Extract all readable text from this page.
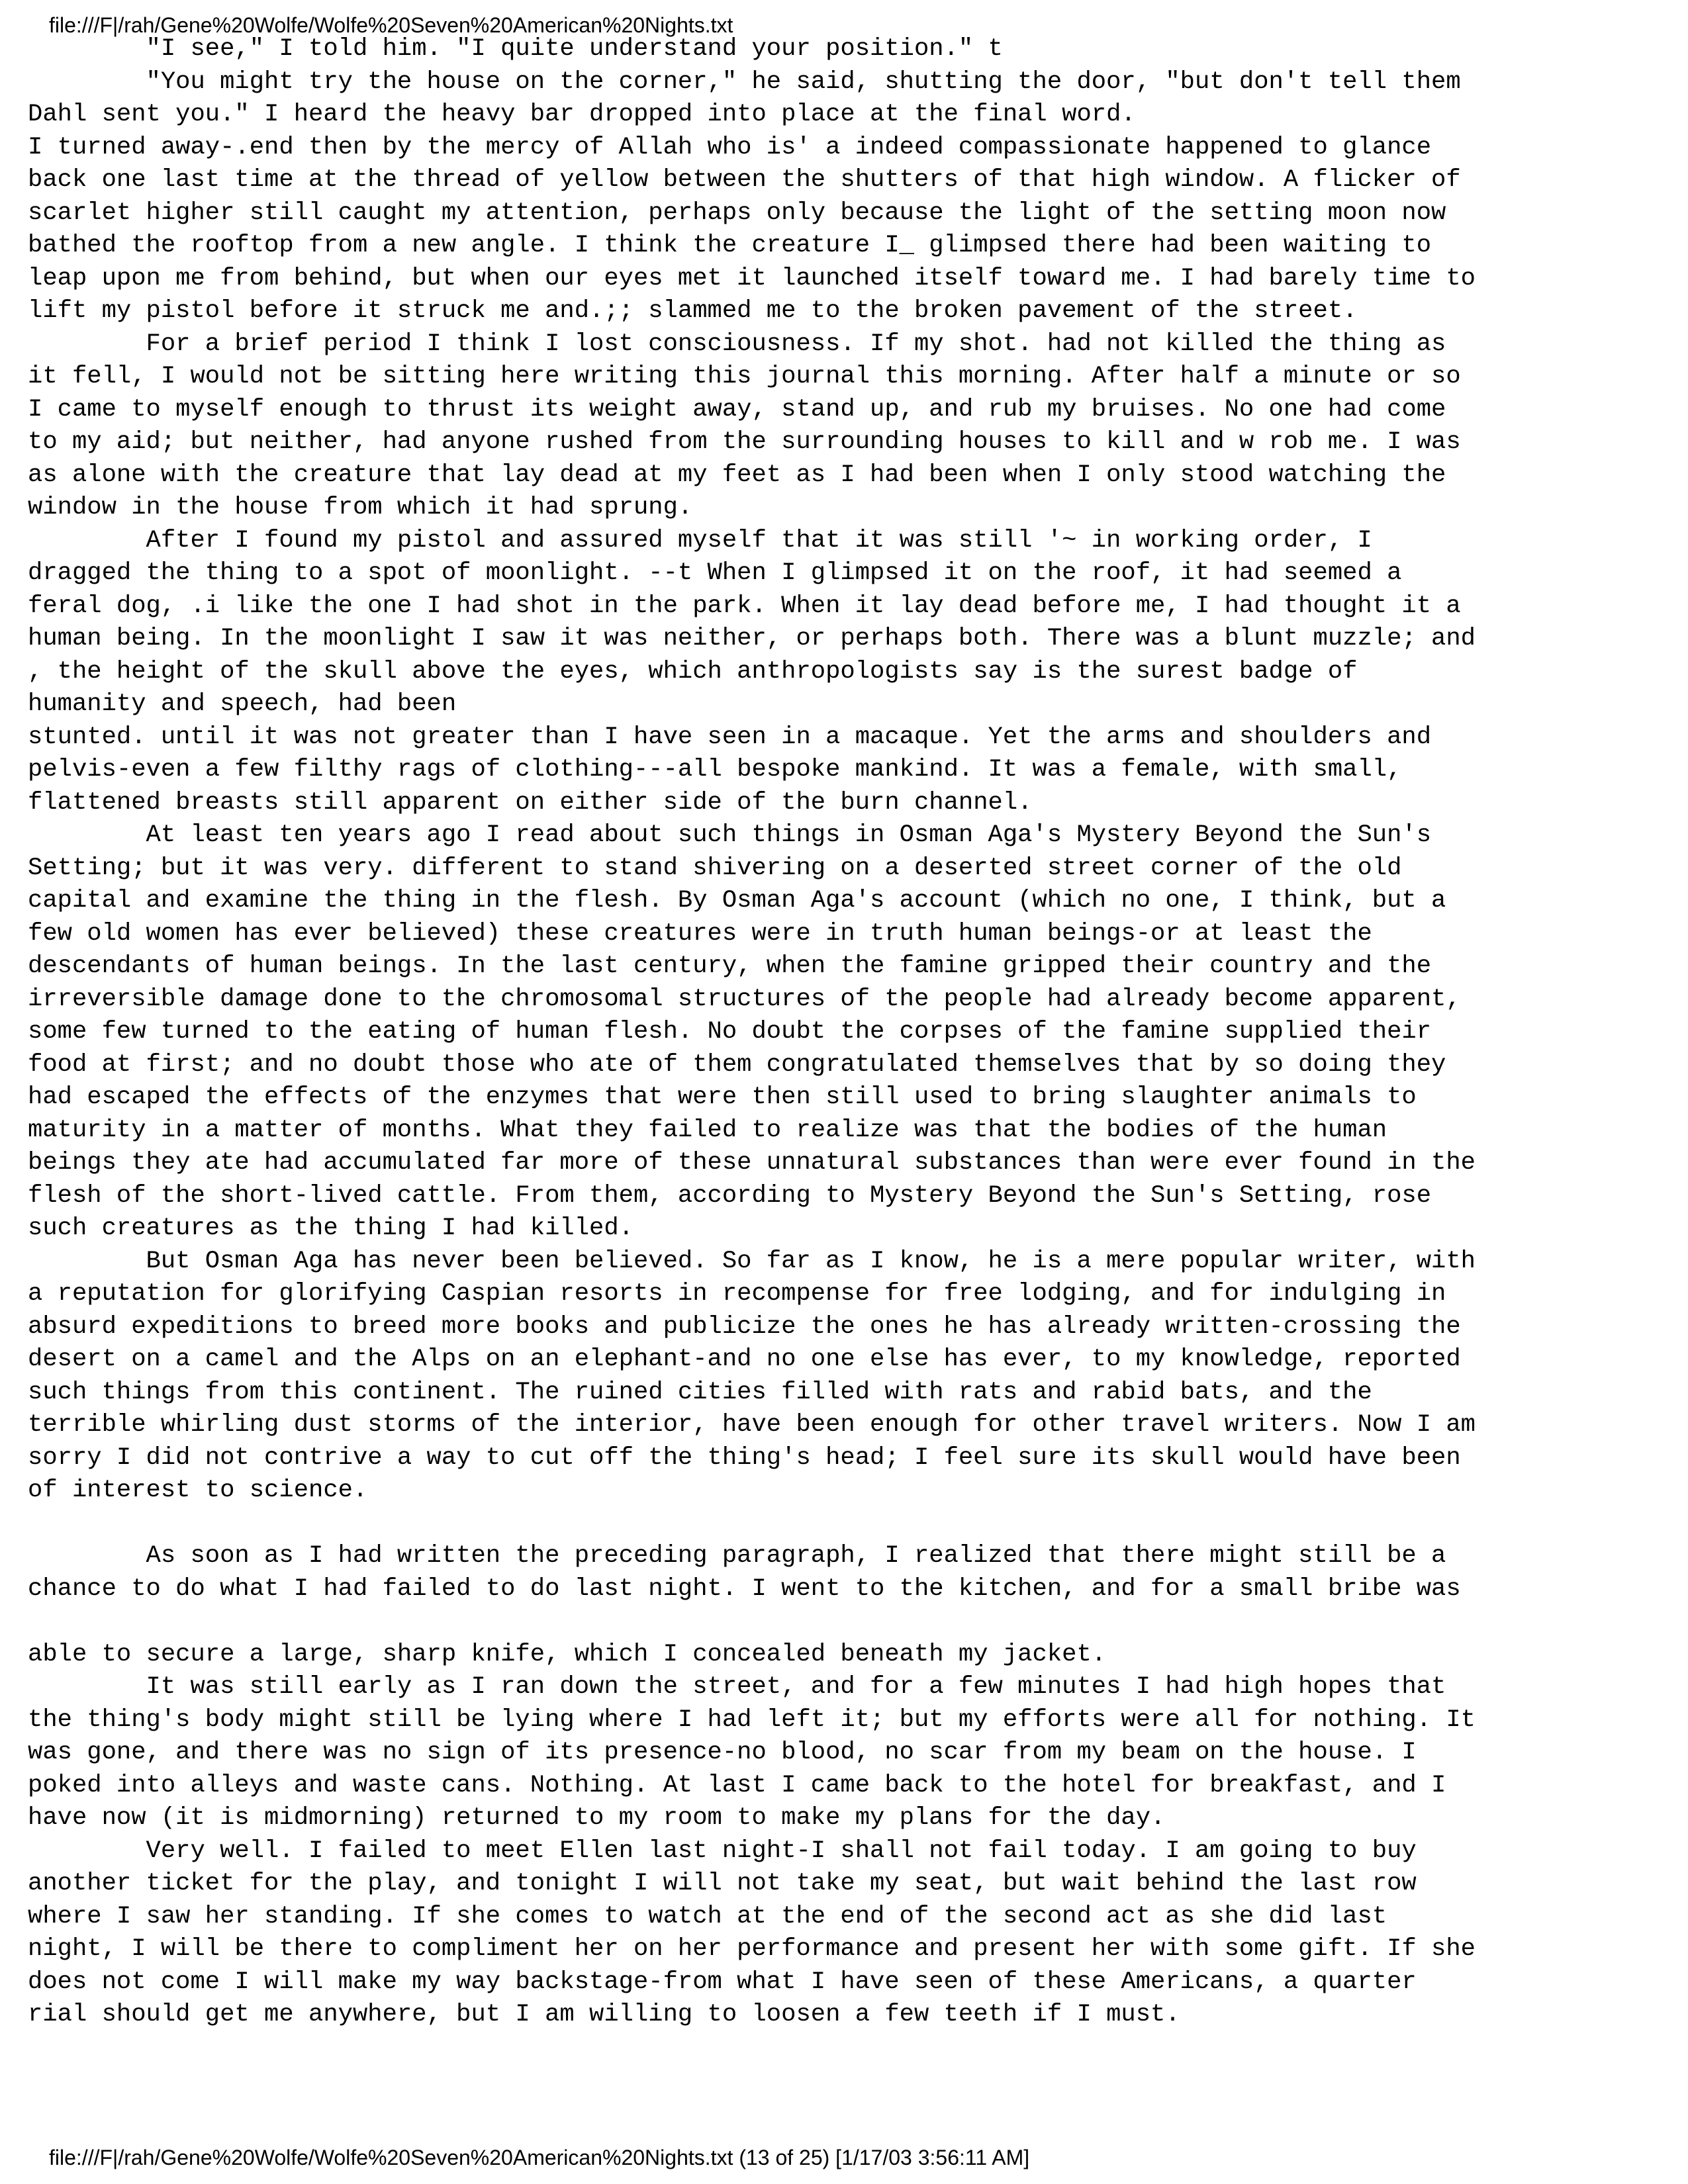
file:///F|/rah/Gene%20Wolfe/Wolfe%20Seven%20American%20Nights.txt
"I see," I told him. "I quite understand your position." t
"You might try the house on the corner," he said, shutting the door, "but don't tell them
Dahl sent you." I heard the heavy bar dropped into place at the final word.
I turned away-.end then by the mercy of Allah who is' a indeed compassionate happened to glance
back one last time at the thread of yellow between the shutters of that high window. A flicker of
scarlet higher still caught my attention, perhaps only because the light of the setting moon now
bathed the rooftop from a new angle. I think the creature I_ glimpsed there had been waiting to
leap upon me from behind, but when our eyes met it launched itself toward me. I had barely time to
lift my pistol before it struck me and.;; slammed me to the broken pavement of the street.
For a brief period I think I lost consciousness. If my shot. had not killed the thing as
it fell, I would not be sitting here writing this journal this morning. After half a minute or so
I came to myself enough to thrust its weight away, stand up, and rub my bruises. No one had come
to my aid; but neither, had anyone rushed from the surrounding houses to kill and w rob me. I was
as alone with the creature that lay dead at my feet as I had been when I only stood watching the
window in the house from which it had sprung.
After I found my pistol and assured myself that it was still '~ in working order, I
dragged the thing to a spot of moonlight. --t When I glimpsed it on the roof, it had seemed a
feral dog, .i like the one I had shot in the park. When it lay dead before me, I had thought it a
human being. In the moonlight I saw it was neither, or perhaps both. There was a blunt muzzle; and
, the height of the skull above the eyes, which anthropologists say is the surest badge of
humanity and speech, had been
stunted. until it was not greater than I have seen in a macaque. Yet the arms and shoulders and
pelvis-even a few filthy rags of clothing---all bespoke mankind. It was a female, with small,
flattened breasts still apparent on either side of the burn channel.
At least ten years ago I read about such things in Osman Aga's Mystery Beyond the Sun's
Setting; but it was very. different to stand shivering on a deserted street corner of the old
capital and examine the thing in the flesh. By Osman Aga's account (which no one, I think, but a
few old women has ever believed) these creatures were in truth human beings-or at least the
descendants of human beings. In the last century, when the famine gripped their country and the
irreversible damage done to the chromosomal structures of the people had already become apparent,
some few turned to the eating of human flesh. No doubt the corpses of the famine supplied their
food at first; and no doubt those who ate of them congratulated themselves that by so doing they
had escaped the effects of the enzymes that were then still used to bring slaughter animals to
maturity in a matter of months. What they failed to realize was that the bodies of the human
beings they ate had accumulated far more of these unnatural substances than were ever found in the
flesh of the short-lived cattle. From them, according to Mystery Beyond the Sun's Setting, rose
such creatures as the thing I had killed.
But Osman Aga has never been believed. So far as I know, he is a mere popular writer, with
a reputation for glorifying Caspian resorts in recompense for free lodging, and for indulging in
absurd expeditions to breed more books and publicize the ones he has already written-crossing the
desert on a camel and the Alps on an elephant-and no one else has ever, to my knowledge, reported
such things from this continent. The ruined cities filled with rats and rabid bats, and the
terrible whirling dust storms of the interior, have been enough for other travel writers. Now I am
sorry I did not contrive a way to cut off the thing's head; I feel sure its skull would have been
of interest to science.
As soon as I had written the preceding paragraph, I realized that there might still be a
chance to do what I had failed to do last night. I went to the kitchen, and for a small bribe was
able to secure a large, sharp knife, which I concealed beneath my jacket.
It was still early as I ran down the street, and for a few minutes I had high hopes that
the thing's body might still be lying where I had left it; but my efforts were all for nothing. It
was gone, and there was no sign of its presence-no blood, no scar from my beam on the house. I
poked into alleys and waste cans. Nothing. At last I came back to the hotel for breakfast, and I
have now (it is midmorning) returned to my room to make my plans for the day.
Very well. I failed to meet Ellen last night-I shall not fail today. I am going to buy
another ticket for the play, and tonight I will not take my seat, but wait behind the last row
where I saw her standing. If she comes to watch at the end of the second act as she did last
night, I will be there to compliment her on her performance and present her with some gift. If she
does not come I will make my way backstage-from what I have seen of these Americans, a quarter
rial should get me anywhere, but I am willing to loosen a few teeth if I must.
file:///F|/rah/Gene%20Wolfe/Wolfe%20Seven%20American%20Nights.txt (13 of 25) [1/17/03 3:56:11 AM]
